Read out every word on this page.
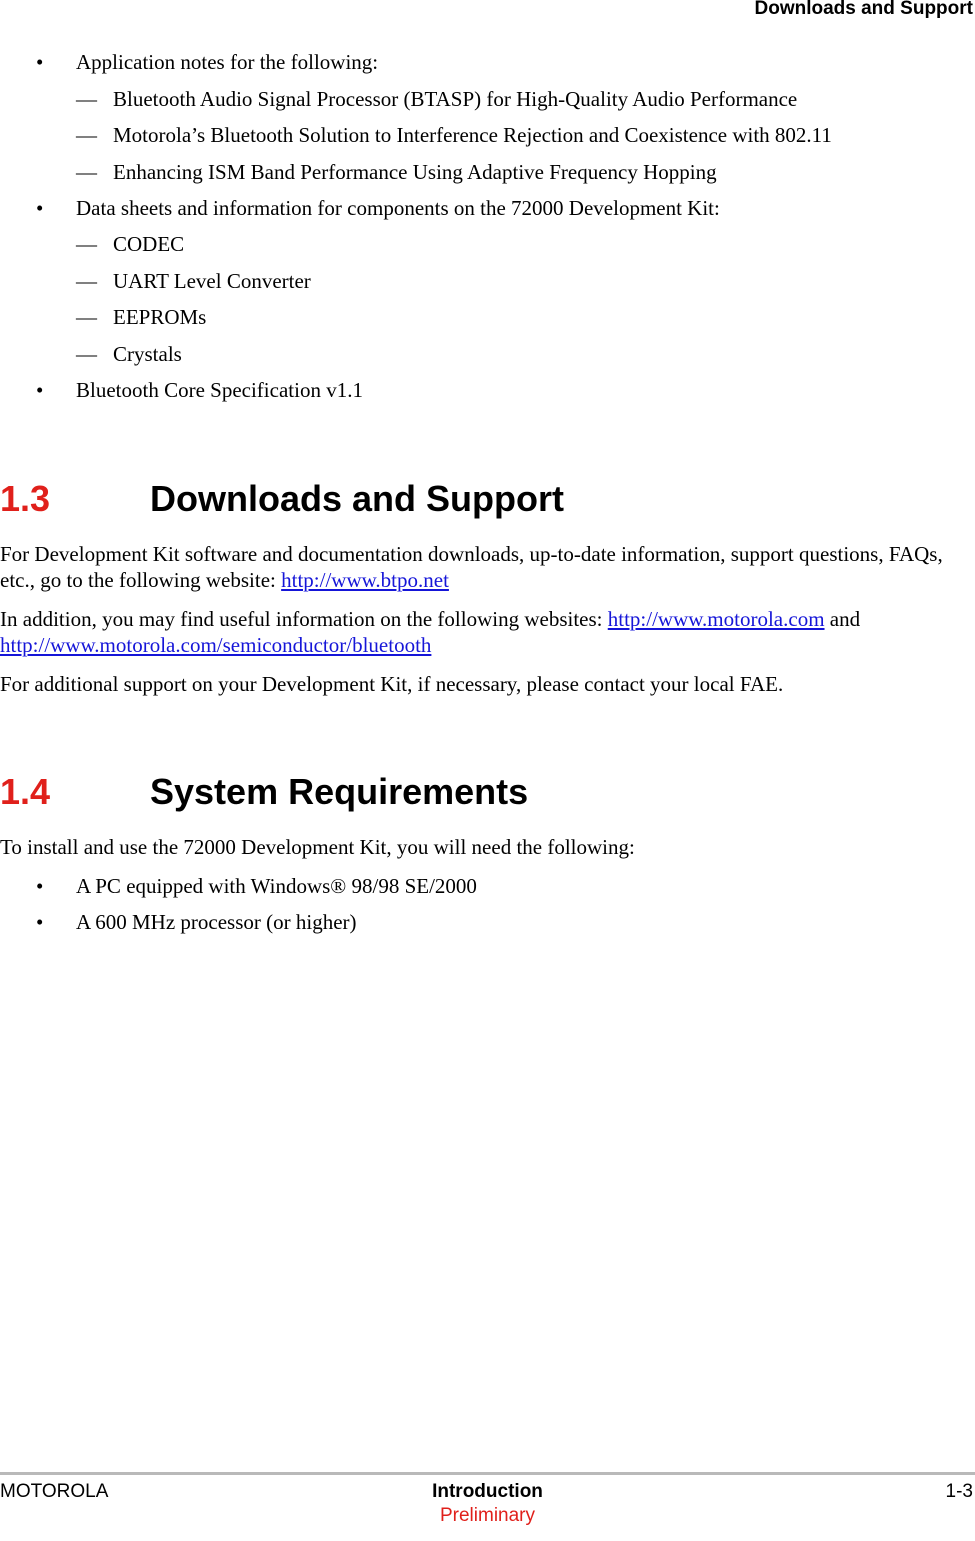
Downloads and Support
•	Application notes for the following:
— Bluetooth Audio Signal Processor (BTASP) for High-Quality Audio Performance
— Motorola’s Bluetooth Solution to Interference Rejection and Coexistence with 802.11
— Enhancing ISM Band Performance Using Adaptive Frequency Hopping
•	Data sheets and information for components on the 72000 Development Kit:
— CODEC
— UART Level Converter
— EEPROMs
— Crystals
•	Bluetooth Core Specification v1.1
1.3	Downloads and Support
For Development Kit software and documentation downloads, up-to-date information, support questions, FAQs, etc., go to the following website: http://www.btpo.net
In addition, you may find useful information on the following websites: http://www.motorola.com and http://www.motorola.com/semiconductor/bluetooth
For additional support on your Development Kit, if necessary, please contact your local FAE.
1.4	System Requirements
To install and use the 72000 Development Kit, you will need the following:
•	A PC equipped with Windows® 98/98 SE/2000
•	A 600 MHz processor (or higher)
MOTOROLA	Introduction	1-3
Preliminary
